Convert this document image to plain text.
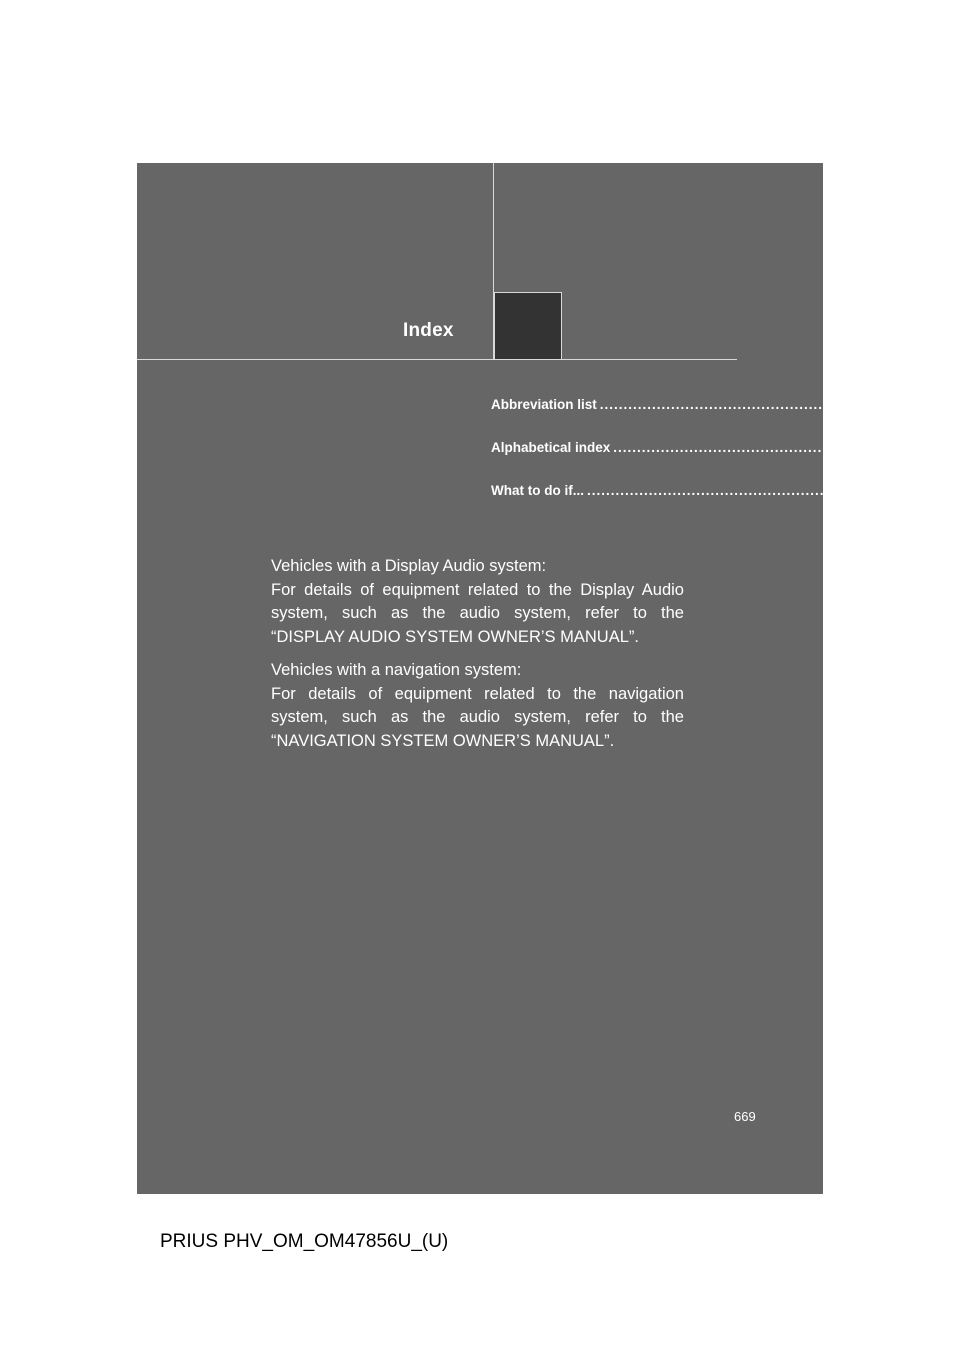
Index
Abbreviation list ......................................................... 670
Alphabetical index ......................................................... 672
What to do if... ......................................................... 684
Vehicles with a Display Audio system:
For details of equipment related to the Display Audio system, such as the audio system, refer to the “DISPLAY AUDIO SYSTEM OWNER’S MANUAL”.
Vehicles with a navigation system:
For details of equipment related to the navigation system, such as the audio system, refer to the “NAVIGATION SYSTEM OWNER’S MANUAL”.
669
PRIUS PHV_OM_OM47856U_(U)
